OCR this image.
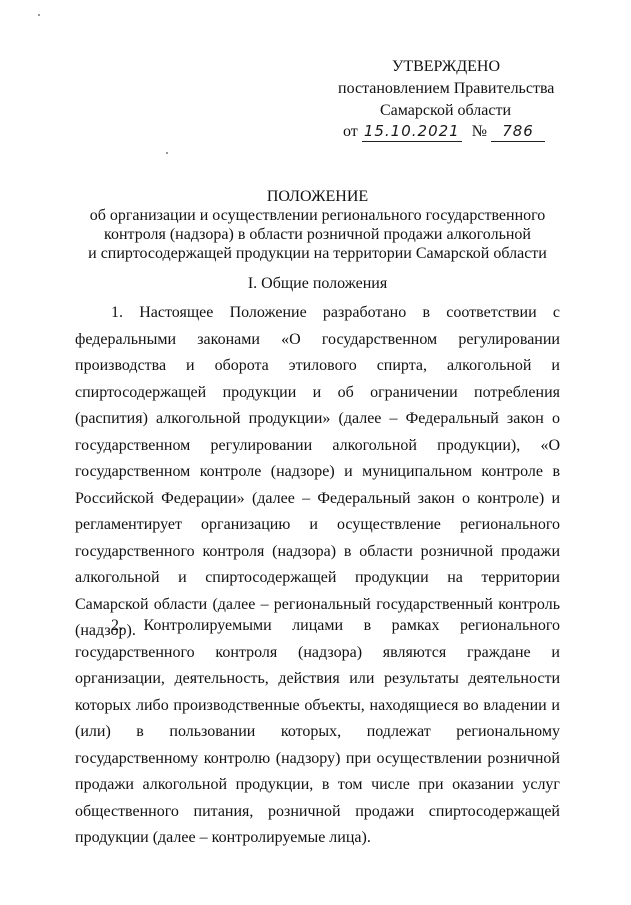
УТВЕРЖДЕНО
постановлением Правительства
Самарской области
от 15.10.2021 № 786
ПОЛОЖЕНИЕ
об организации и осуществлении регионального государственного
контроля (надзора) в области розничной продажи алкогольной
и спиртосодержащей продукции на территории Самарской области
I. Общие положения

1. Настоящее Положение разработано в соответствии с федеральными законами «О государственном регулировании производства и оборота этилового спирта, алкогольной и спиртосодержащей продукции и об ограничении потребления (распития) алкогольной продукции» (далее – Федеральный закон о государственном регулировании алкогольной продукции), «О государственном контроле (надзоре) и муниципальном контроле в Российской Федерации» (далее – Федеральный закон о контроле) и регламентирует организацию и осуществление регионального государственного контроля (надзора) в области розничной продажи алкогольной и спиртосодержащей продукции на территории Самарской области (далее – региональный государственный контроль (надзор).

2. Контролируемыми лицами в рамках регионального государственного контроля (надзора) являются граждане и организации, деятельность, действия или результаты деятельности которых либо производственные объекты, находящиеся во владении и (или) в пользовании которых, подлежат региональному государственному контролю (надзору) при осуществлении розничной продажи алкогольной продукции, в том числе при оказании услуг общественного питания, розничной продажи спиртосодержащей продукции (далее – контролируемые лица).
